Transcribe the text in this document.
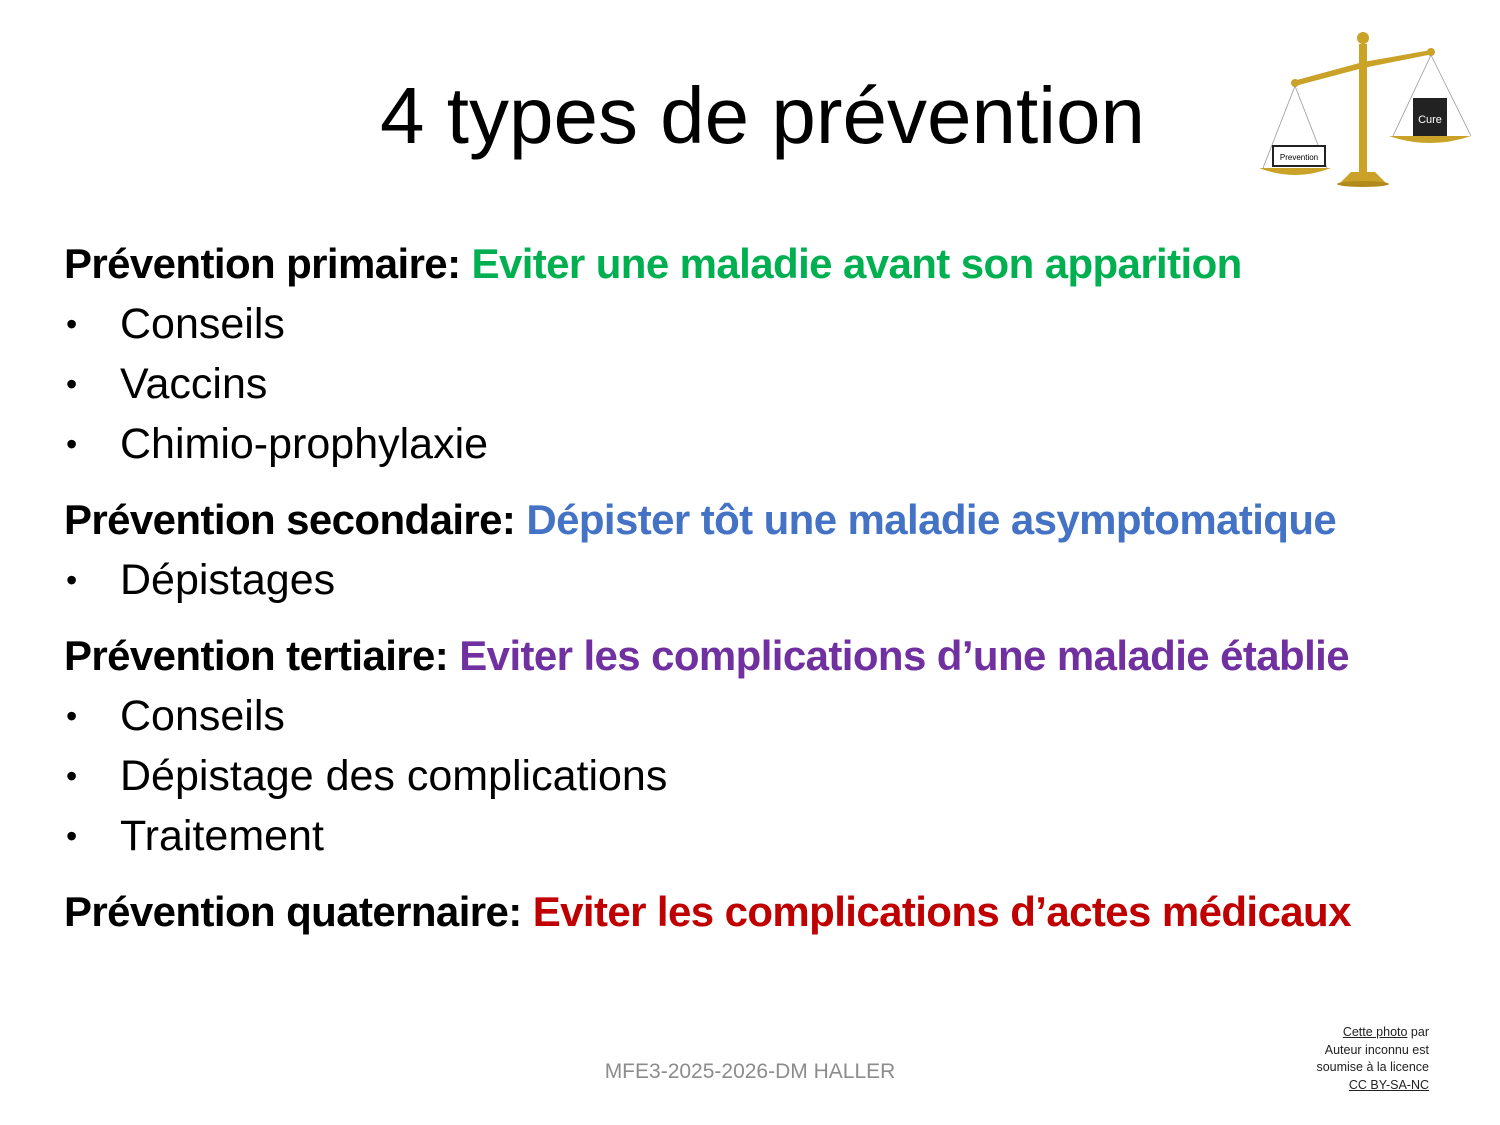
4 types de prévention	Prevention
Cure
Prévention primaire: Eviter une maladie avant son apparition
• Conseils
• Vaccins
• Chimio-prophylaxie
Prévention secondaire: Dépister tôt une maladie asymptomatique
• Dépistages
Prévention tertiaire: Eviter les complications d’une maladie établie
• Conseils
• Dépistage des complications
• Traitement
Prévention quaternaire: Eviter les complications d’actes médicaux
MFE3-2025-2026-DM HALLER
Cette photo par
Auteur inconnu est
soumise à la licence
CC BY-SA-NC
